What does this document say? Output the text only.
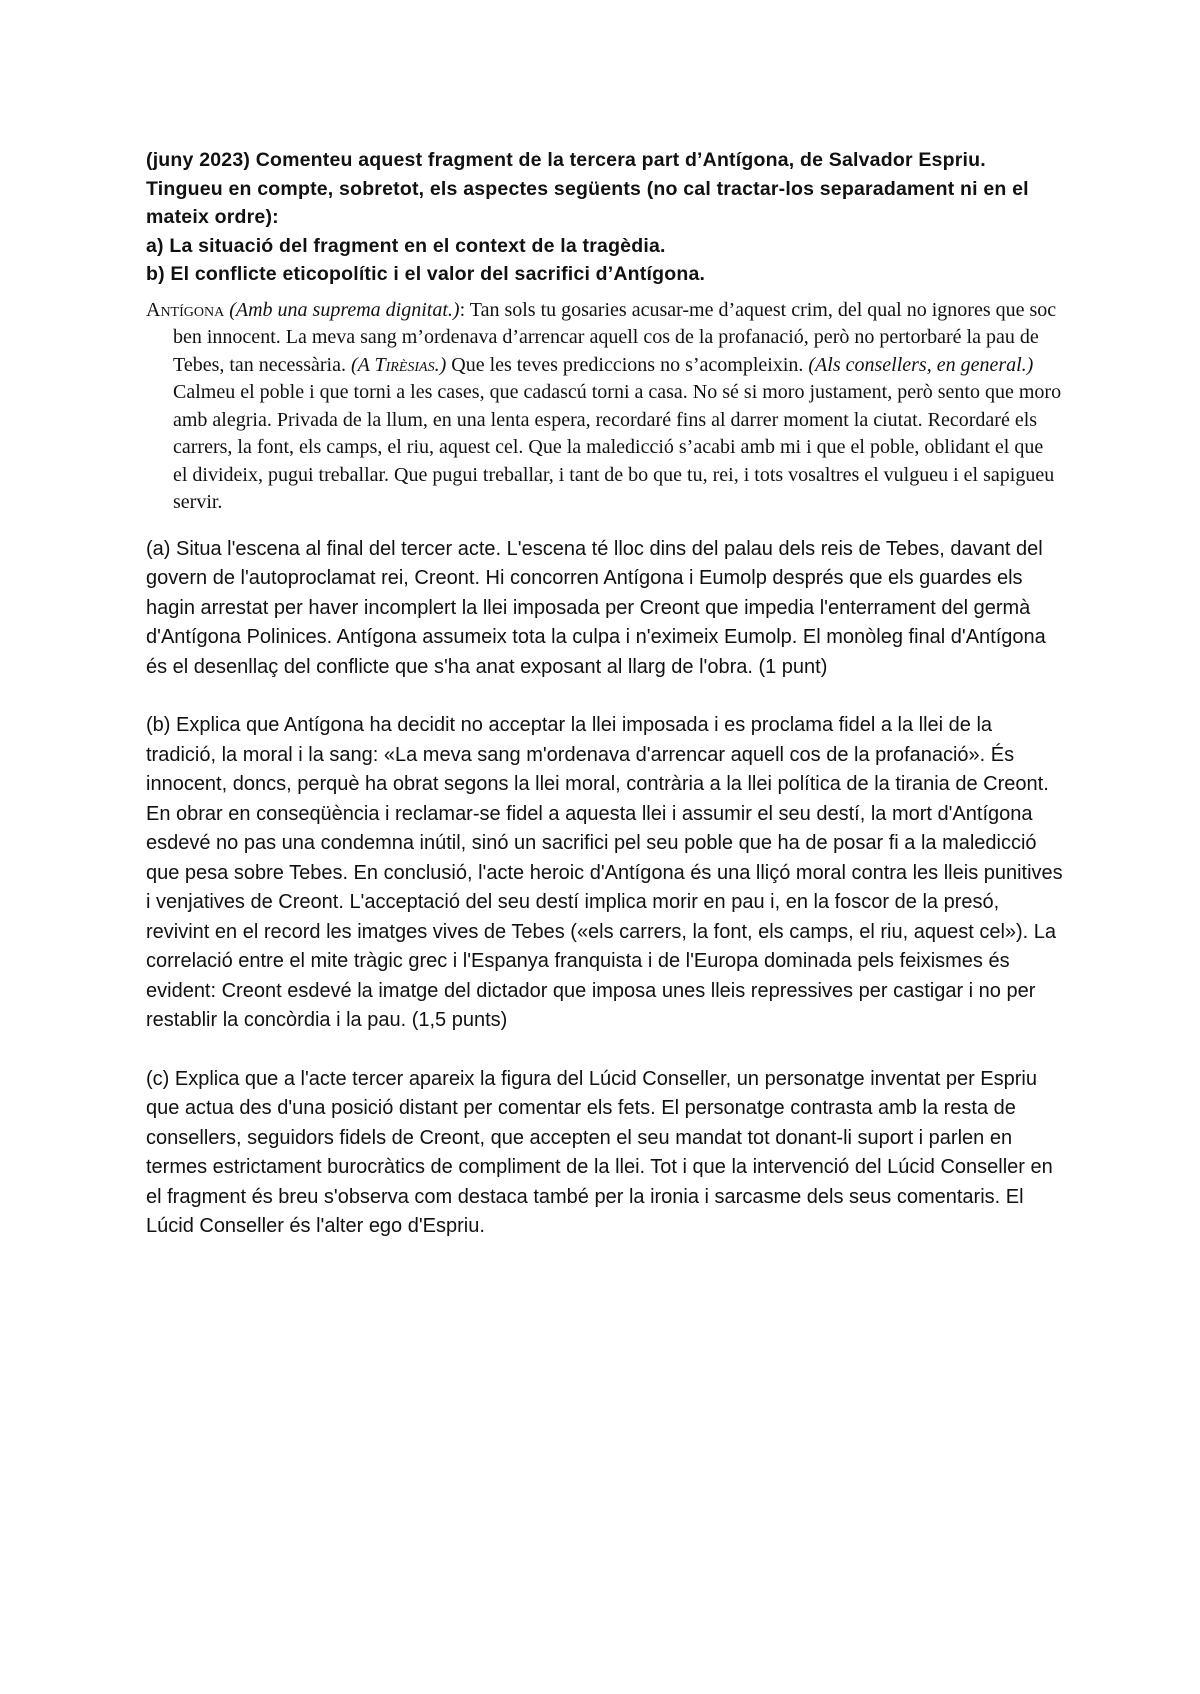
(juny 2023) Comenteu aquest fragment de la tercera part d’Antígona, de Salvador Espriu. Tingueu en compte, sobretot, els aspectes següents (no cal tractar-los separadament ni en el mateix ordre):

a) La situació del fragment en el context de la tragèdia.

b) El conflicte eticopolític i el valor del sacrifici d’Antígona.

Antígona (Amb una suprema dignitat.): Tan sols tu gosaries acusar-me d’aquest crim, del qual no ignores que soc ben innocent. La meva sang m’ordenava d’arrencar aquell cos de la profanació, però no pertorbaré la pau de Tebes, tan necessària. (A Tirèsias.) Que les teves prediccions no s’acompleixin. (Als consellers, en general.) Calmeu el poble i que torni a les cases, que cadascú torni a casa. No sé si moro justament, però sento que moro amb alegria. Privada de la llum, en una lenta espera, recordaré fins al darrer moment la ciutat. Recordaré els carrers, la font, els camps, el riu, aquest cel. Que la maledicció s’acabi amb mi i que el poble, oblidant el que el divideix, pugui treballar. Que pugui treballar, i tant de bo que tu, rei, i tots vosaltres el vulgueu i el sapigueu servir.

(a) Situa l'escena al final del tercer acte. L'escena té lloc dins del palau dels reis de Tebes, davant del govern de l'autoproclamat rei, Creont. Hi concorren Antígona i Eumolp després que els guardes els hagin arrestat per haver incomplert la llei imposada per Creont que impedia l'enterrament del germà d'Antígona Polinices. Antígona assumeix tota la culpa i n'eximeix Eumolp. El monòleg final d'Antígona és el desenllaç del conflicte que s'ha anat exposant al llarg de l'obra. (1 punt)

(b) Explica que Antígona ha decidit no acceptar la llei imposada i es proclama fidel a la llei de la tradició, la moral i la sang: «La meva sang m'ordenava d'arrencar aquell cos de la profanació». És innocent, doncs, perquè ha obrat segons la llei moral, contrària a la llei política de la tirania de Creont. En obrar en conseqüència i reclamar-se fidel a aquesta llei i assumir el seu destí, la mort d'Antígona esdevé no pas una condemna inútil, sinó un sacrifici pel seu poble que ha de posar fi a la maledicció que pesa sobre Tebes. En conclusió, l'acte heroic d'Antígona és una lliçó moral contra les lleis punitives i venjatives de Creont. L'acceptació del seu destí implica morir en pau i, en la foscor de la presó, revivint en el record les imatges vives de Tebes («els carrers, la font, els camps, el riu, aquest cel»). La correlació entre el mite tràgic grec i l'Espanya franquista i de l'Europa dominada pels feixismes és evident: Creont esdevé la imatge del dictador que imposa unes lleis repressives per castigar i no per restablir la concòrdia i la pau. (1,5 punts)

(c) Explica que a l'acte tercer apareix la figura del Lúcid Conseller, un personatge inventat per Espriu que actua des d'una posició distant per comentar els fets. El personatge contrasta amb la resta de consellers, seguidors fidels de Creont, que accepten el seu mandat tot donant-li suport i parlen en termes estrictament burocràtics de compliment de la llei. Tot i que la intervenció del Lúcid Conseller en el fragment és breu s'observa com destaca també per la ironia i sarcasme dels seus comentaris. El Lúcid Conseller és l'alter ego d'Espriu.
